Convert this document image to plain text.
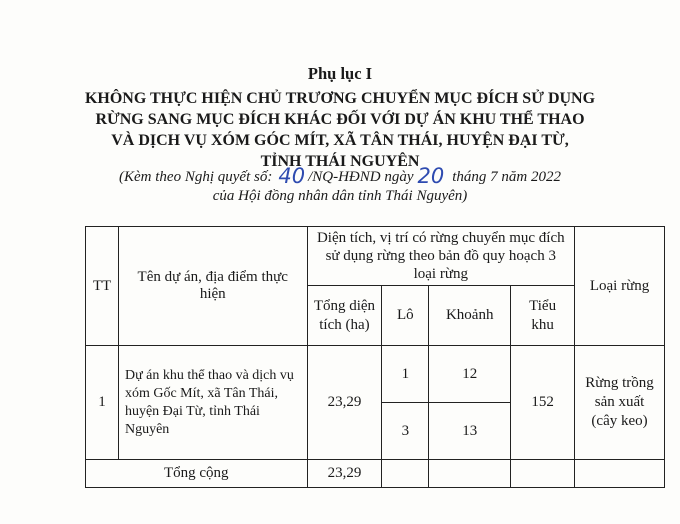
Phụ lục I
KHÔNG THỰC HIỆN CHỦ TRƯƠNG CHUYỂN MỤC ĐÍCH SỬ DỤNG
RỪNG SANG MỤC ĐÍCH KHÁC ĐỐI VỚI DỰ ÁN KHU THỂ THAO
VÀ DỊCH VỤ XÓM GÓC MÍT, XÃ TÂN THÁI, HUYỆN ĐẠI TỪ,
TỈNH THÁI NGUYÊN
(Kèm theo Nghị quyết số: 40 /NQ-HĐND ngày 20 tháng 7 năm 2022
của Hội đồng nhân dân tỉnh Thái Nguyên)
TT	Tên dự án, địa điểm thực hiện	Diện tích, vị trí có rừng chuyển mục đích sử dụng rừng theo bản đồ quy hoạch 3 loại rừng				Loại rừng
		Tổng diện tích (ha)	Lô	Khoảnh	Tiểu khu	
1	Dự án khu thể thao và dịch vụ xóm Gốc Mít, xã Tân Thái, huyện Đại Từ, tỉnh Thái Nguyên	23,29	1	12	152	Rừng trồng sản xuất (cây keo)
			3	13		
Tổng cộng		23,29				
